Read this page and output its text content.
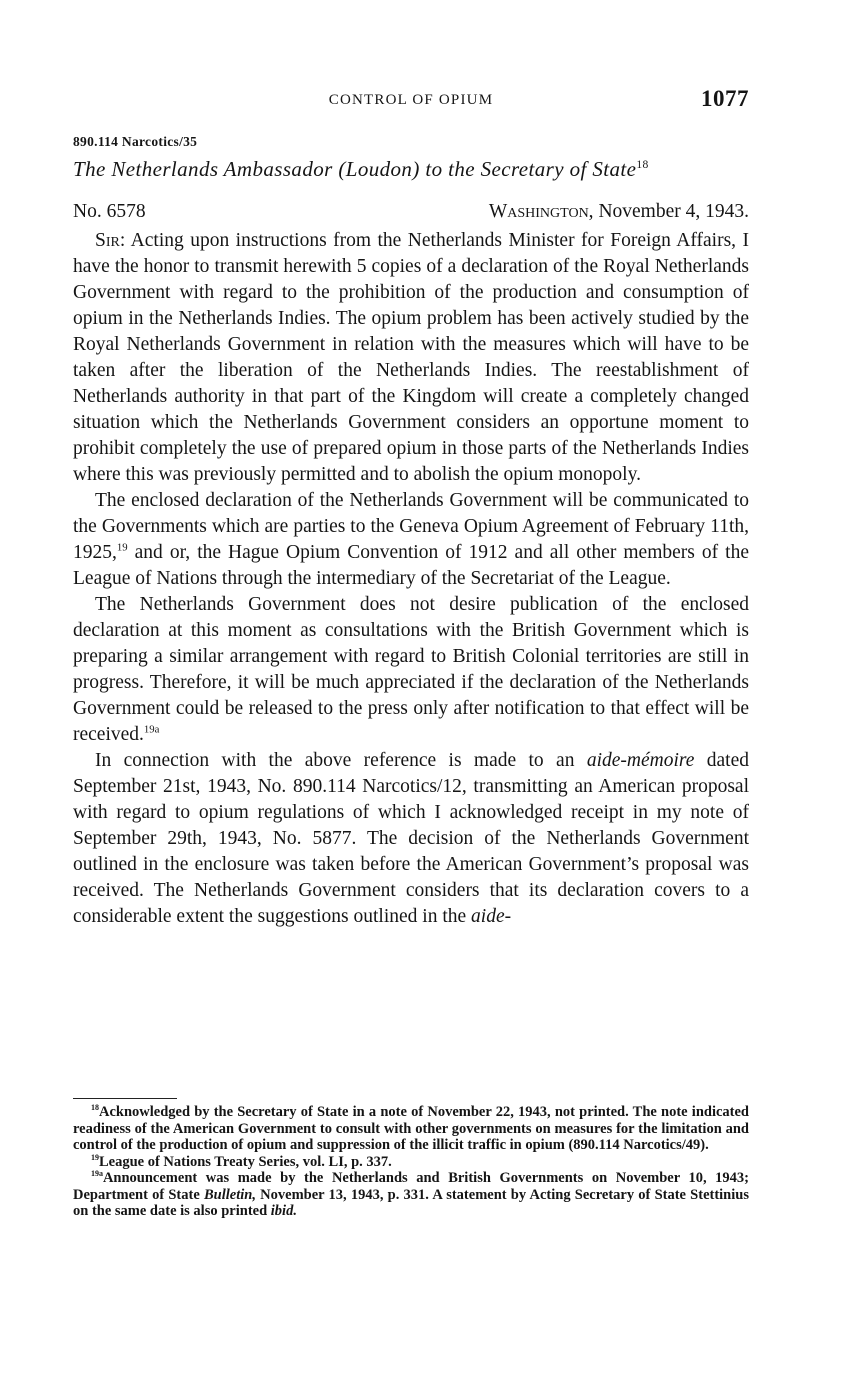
CONTROL OF OPIUM	1077
890.114 Narcotics/35
The Netherlands Ambassador (Loudon) to the Secretary of State$^{18}$
No. 6578	Washington, November 4, 1943.

Sir: Acting upon instructions from the Netherlands Minister for Foreign Affairs, I have the honor to transmit herewith 5 copies of a declaration of the Royal Netherlands Government with regard to the prohibition of the production and consumption of opium in the Netherlands Indies. The opium problem has been actively studied by the Royal Netherlands Government in relation with the measures which will have to be taken after the liberation of the Netherlands Indies. The reestablishment of Netherlands authority in that part of the Kingdom will create a completely changed situation which the Netherlands Government considers an opportune moment to prohibit completely the use of prepared opium in those parts of the Netherlands Indies where this was previously permitted and to abolish the opium monopoly.

The enclosed declaration of the Netherlands Government will be communicated to the Governments which are parties to the Geneva Opium Agreement of February 11th, 1925,19 and or, the Hague Opium Convention of 1912 and all other members of the League of Nations through the intermediary of the Secretariat of the League.

The Netherlands Government does not desire publication of the enclosed declaration at this moment as consultations with the British Government which is preparing a similar arrangement with regard to British Colonial territories are still in progress. Therefore, it will be much appreciated if the declaration of the Netherlands Government could be released to the press only after notification to that effect will be received.$^{19a}$

In connection with the above reference is made to an aide-mémoire dated September 21st, 1943, No. 890.114 Narcotics/12, transmitting an American proposal with regard to opium regulations of which I acknowledged receipt in my note of September 29th, 1943, No. 5877. The decision of the Netherlands Government outlined in the enclosure was taken before the American Government’s proposal was received. The Netherlands Government considers that its declaration covers to a considerable extent the suggestions outlined in the aide-

$^{18}$Acknowledged by the Secretary of State in a note of November 22, 1943, not printed. The note indicated readiness of the American Government to consult with other governments on measures for the limitation and control of the production of opium and suppression of the illicit traffic in opium (890.114 Narcotics/49).

$^{19}$League of Nations Treaty Series, vol. LI, p. 337.

$^{19a}$Announcement was made by the Netherlands and British Governments on November 10, 1943; Department of State Bulletin, November 13, 1943, p. 331. A statement by Acting Secretary of State Stettinius on the same date is also printed ibid.
